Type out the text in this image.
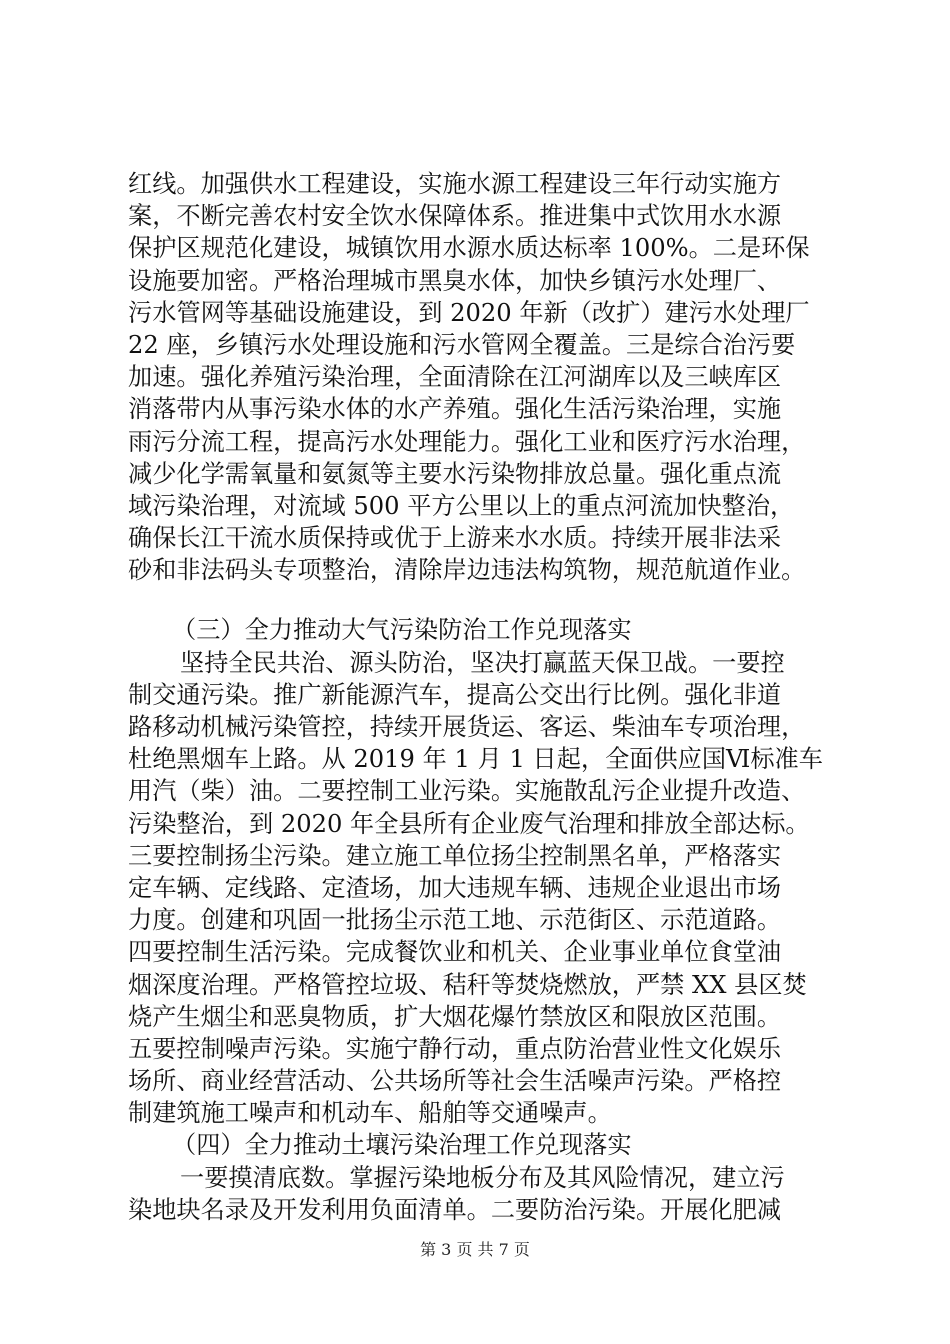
红线。加强供水工程建设，实施水源工程建设三年行动实施方
案，不断完善农村安全饮水保障体系。推进集中式饮用水水源
保护区规范化建设，城镇饮用水源水质达标率 100%。二是环保
设施要加密。严格治理城市黑臭水体，加快乡镇污水处理厂、
污水管网等基础设施建设，到 2020 年新（改扩）建污水处理厂
22 座，乡镇污水处理设施和污水管网全覆盖。三是综合治污要
加速。强化养殖污染治理，全面清除在江河湖库以及三峡库区
消落带内从事污染水体的水产养殖。强化生活污染治理，实施
雨污分流工程，提高污水处理能力。强化工业和医疗污水治理，
减少化学需氧量和氨氮等主要水污染物排放总量。强化重点流
域污染治理，对流域 500 平方公里以上的重点河流加快整治，
确保长江干流水质保持或优于上游来水水质。持续开展非法采
砂和非法码头专项整治，清除岸边违法构筑物，规范航道作业。
（三）全力推动大气污染防治工作兑现落实
坚持全民共治、源头防治，坚决打赢蓝天保卫战。一要控
制交通污染。推广新能源汽车，提高公交出行比例。强化非道
路移动机械污染管控，持续开展货运、客运、柴油车专项治理，
杜绝黑烟车上路。从 2019 年 1 月 1 日起，全面供应国Ⅵ标准车
用汽（柴）油。二要控制工业污染。实施散乱污企业提升改造、
污染整治，到 2020 年全县所有企业废气治理和排放全部达标。
三要控制扬尘污染。建立施工单位扬尘控制黑名单，严格落实
定车辆、定线路、定渣场，加大违规车辆、违规企业退出市场
力度。创建和巩固一批扬尘示范工地、示范街区、示范道路。
四要控制生活污染。完成餐饮业和机关、企业事业单位食堂油
烟深度治理。严格管控垃圾、秸秆等焚烧燃放，严禁 XX 县区焚
烧产生烟尘和恶臭物质，扩大烟花爆竹禁放区和限放区范围。
五要控制噪声污染。实施宁静行动，重点防治营业性文化娱乐
场所、商业经营活动、公共场所等社会生活噪声污染。严格控
制建筑施工噪声和机动车、船舶等交通噪声。
（四）全力推动土壤污染治理工作兑现落实
一要摸清底数。掌握污染地板分布及其风险情况，建立污
染地块名录及开发利用负面清单。二要防治污染。开展化肥减
第 3 页 共 7 页
